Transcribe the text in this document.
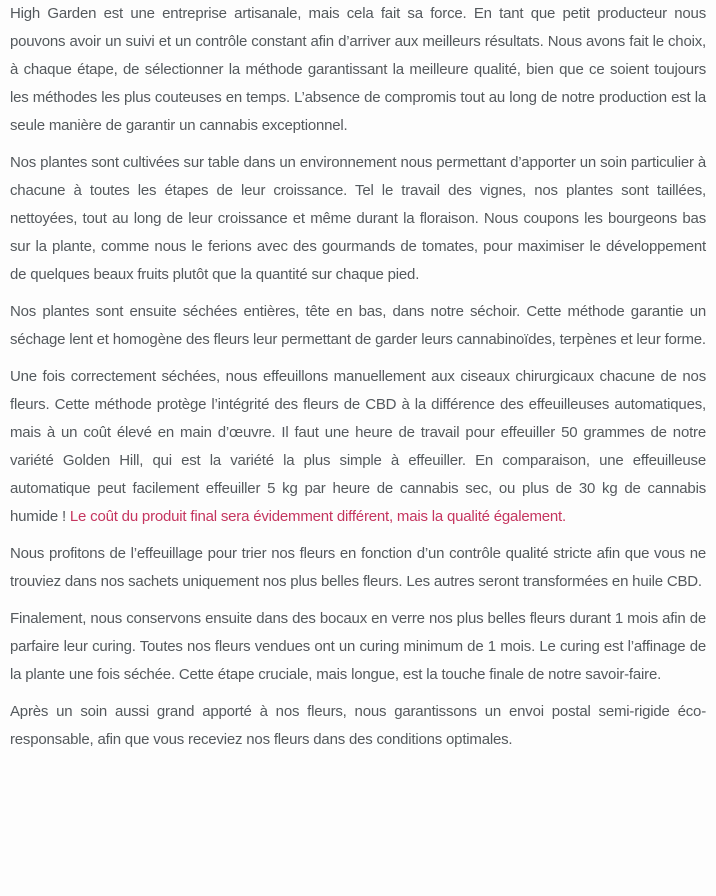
High Garden est une entreprise artisanale, mais cela fait sa force. En tant que petit producteur nous pouvons avoir un suivi et un contrôle constant afin d’arriver aux meilleurs résultats. Nous avons fait le choix, à chaque étape, de sélectionner la méthode garantissant la meilleure qualité, bien que ce soient toujours les méthodes les plus couteuses en temps. L’absence de compromis tout au long de notre production est la seule manière de garantir un cannabis exceptionnel.

Nos plantes sont cultivées sur table dans un environnement nous permettant d’apporter un soin particulier à chacune à toutes les étapes de leur croissance. Tel le travail des vignes, nos plantes sont taillées, nettoyées, tout au long de leur croissance et même durant la floraison. Nous coupons les bourgeons bas sur la plante, comme nous le ferions avec des gourmands de tomates, pour maximiser le développement de quelques beaux fruits plutôt que la quantité sur chaque pied.

Nos plantes sont ensuite séchées entières, tête en bas, dans notre séchoir. Cette méthode garantie un séchage lent et homogène des fleurs leur permettant de garder leurs cannabinoïdes, terpènes et leur forme.

Une fois correctement séchées, nous effeuillons manuellement aux ciseaux chirurgicaux chacune de nos fleurs. Cette méthode protège l’intégrité des fleurs de CBD à la différence des effeuilleuses automatiques, mais à un coût élevé en main d’œuvre. Il faut une heure de travail pour effeuiller 50 grammes de notre variété Golden Hill, qui est la variété la plus simple à effeuiller. En comparaison, une effeuilleuse automatique peut facilement effeuiller 5 kg par heure de cannabis sec, ou plus de 30 kg de cannabis humide ! Le coût du produit final sera évidemment différent, mais la qualité également.

Nous profitons de l’effeuillage pour trier nos fleurs en fonction d’un contrôle qualité stricte afin que vous ne trouviez dans nos sachets uniquement nos plus belles fleurs. Les autres seront transformées en huile CBD.

Finalement, nous conservons ensuite dans des bocaux en verre nos plus belles fleurs durant 1 mois afin de parfaire leur curing. Toutes nos fleurs vendues ont un curing minimum de 1 mois. Le curing est l’affinage de la plante une fois séchée. Cette étape cruciale, mais longue, est la touche finale de notre savoir-faire.

Après un soin aussi grand apporté à nos fleurs, nous garantissons un envoi postal semi-rigide éco-responsable, afin que vous receviez nos fleurs dans des conditions optimales.
